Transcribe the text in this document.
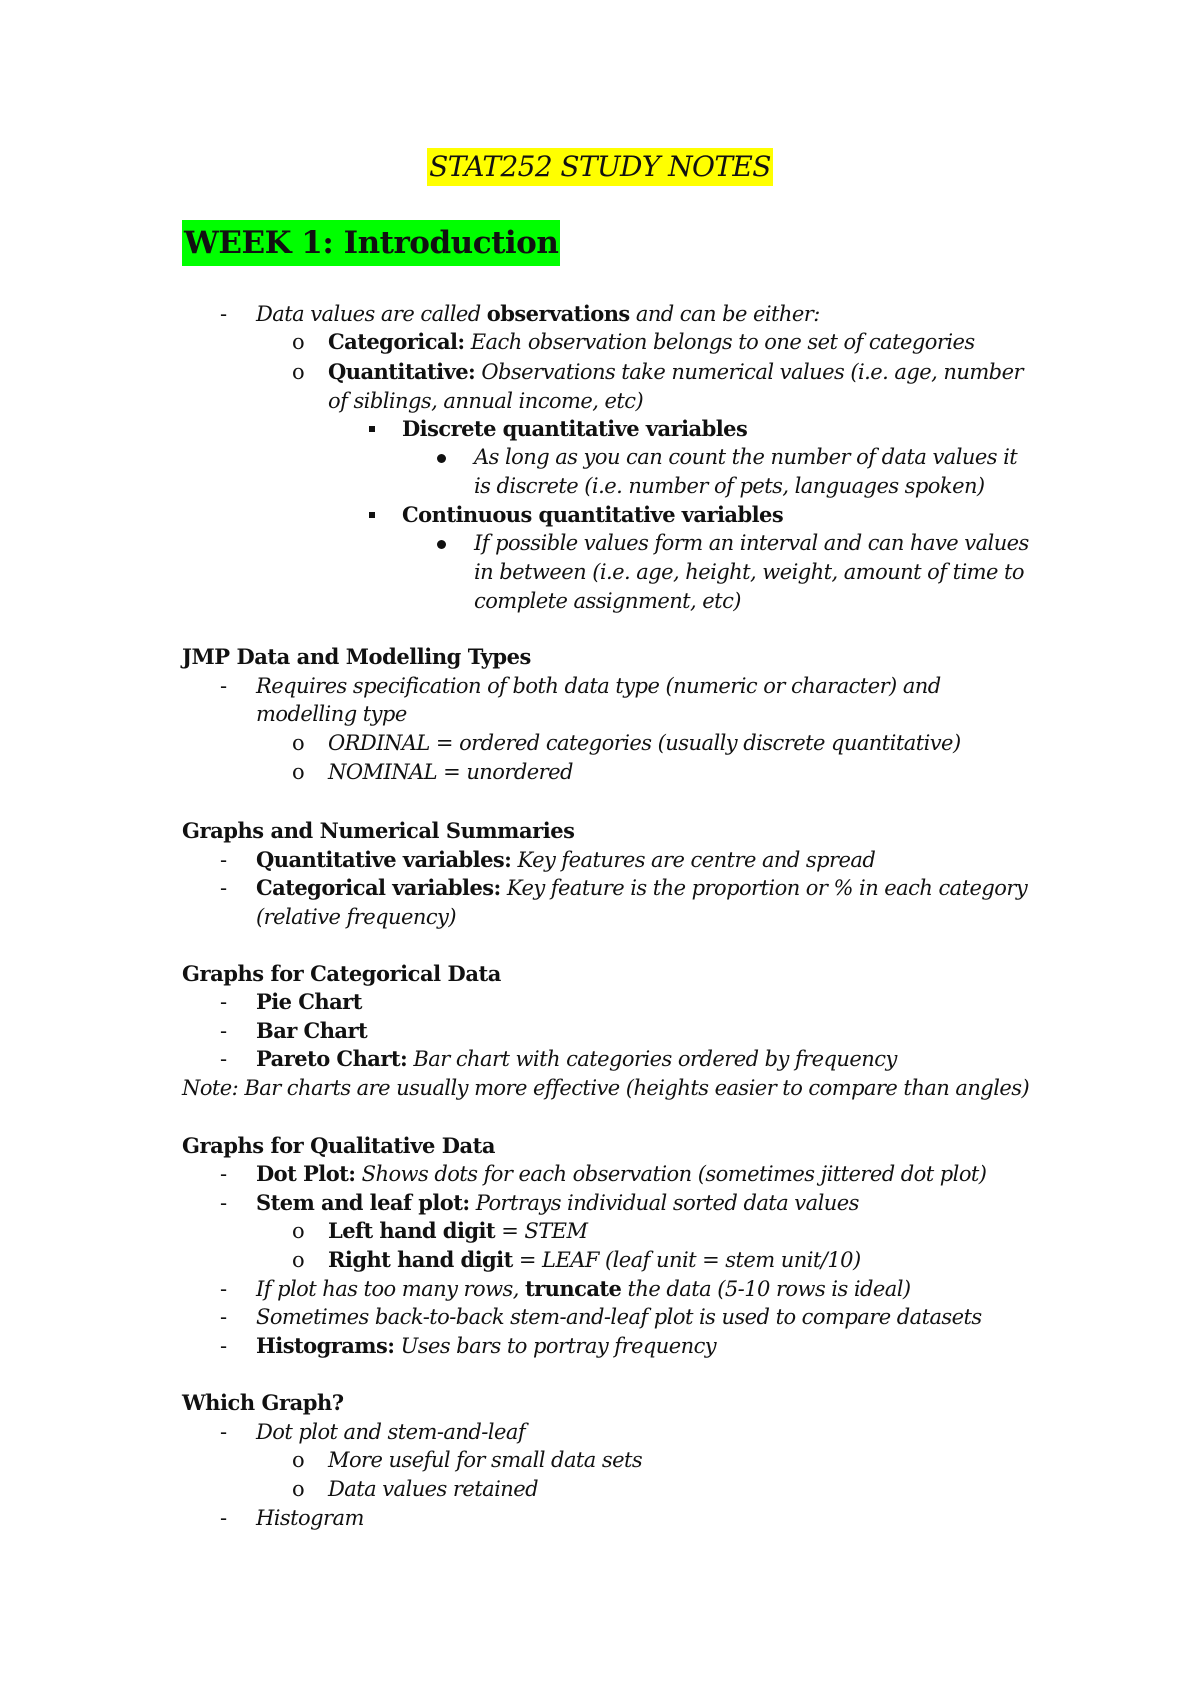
STAT252 STUDY NOTES
WEEK 1: Introduction
- Data values are called observations and can be either:
o Categorical: Each observation belongs to one set of categories
o Quantitative: Observations take numerical values (i.e. age, number
of siblings, annual income, etc)
Discrete quantitative variables
As long as you can count the number of data values it
is discrete (i.e. number of pets, languages spoken)
Continuous quantitative variables
If possible values form an interval and can have values
in between (i.e. age, height, weight, amount of time to
complete assignment, etc)
JMP Data and Modelling Types
- Requires specification of both data type (numeric or character) and
modelling type
o ORDINAL = ordered categories (usually discrete quantitative)
o NOMINAL = unordered
Graphs and Numerical Summaries
- Quantitative variables: Key features are centre and spread
- Categorical variables: Key feature is the proportion or % in each category
(relative frequency)
Graphs for Categorical Data
- Pie Chart
- Bar Chart
- Pareto Chart: Bar chart with categories ordered by frequency
Note: Bar charts are usually more effective (heights easier to compare than angles)
Graphs for Qualitative Data
- Dot Plot: Shows dots for each observation (sometimes jittered dot plot)
- Stem and leaf plot: Portrays individual sorted data values
o Left hand digit = STEM
o Right hand digit = LEAF (leaf unit = stem unit/10)
- If plot has too many rows, truncate the data (5-10 rows is ideal)
- Sometimes back-to-back stem-and-leaf plot is used to compare datasets
- Histograms: Uses bars to portray frequency
Which Graph?
- Dot plot and stem-and-leaf
o More useful for small data sets
o Data values retained
- Histogram
